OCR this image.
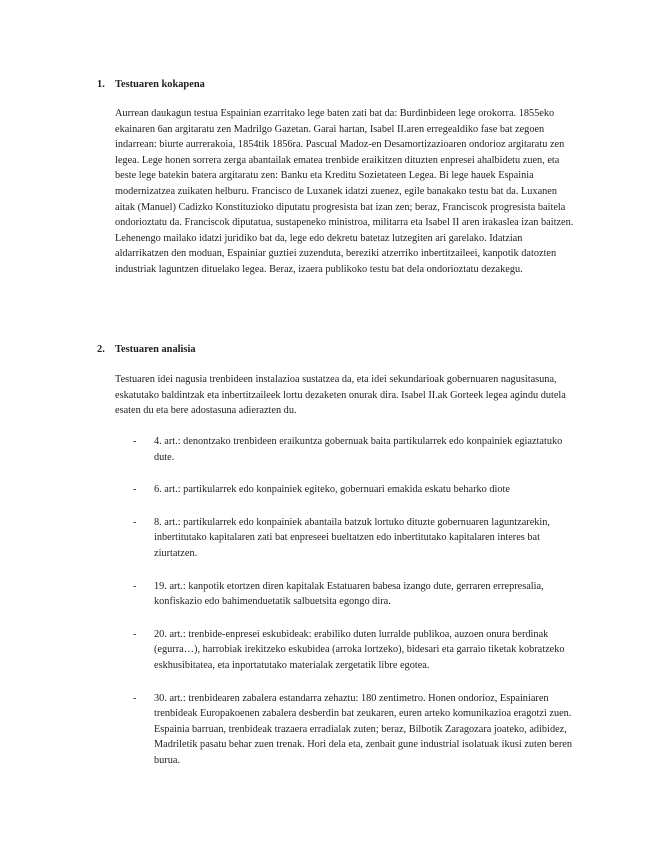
1. Testuaren kokapena

Aurrean daukagun testua Espainian ezarritako lege baten zati bat da: Burdinbideen lege orokorra. 1855eko ekainaren 6an argitaratu zen Madrilgo Gazetan. Garai hartan, Isabel II.aren erregealdiko fase bat zegoen indarrean: biurte aurrerakoia, 1854tik 1856ra. Pascual Madoz-en Desamortizazioaren ondorioz argitaratu zen legea. Lege honen sorrera zerga abantailak ematea trenbide eraikitzen dituzten enpresei ahalbidetu zuen, eta beste lege batekin batera argitaratu zen: Banku eta Kreditu Sozietateen Legea. Bi lege hauek Espainia modernizatzea zuikaten helburu. Francisco de Luxanek idatzi zuenez, egile banakako testu bat da. Luxanen aitak (Manuel) Cadizko Konstituzioko diputatu progresista bat izan zen; beraz, Franciscok progresista baitela ondorioztatu da. Franciscok diputatua, sustapeneko ministroa, militarra eta Isabel II aren irakaslea izan baitzen. Lehenengo mailako idatzi juridiko bat da, lege edo dekretu batetaz lutzegiten ari garelako. Idatzian aldarrikatzen den moduan, Espainiar guztiei zuzenduta, bereziki atzerriko inbertitzaileei, kanpotik datozten industriak laguntzen dituelako legea. Beraz, izaera publikoko testu bat dela ondorioztatu dezakegu.

2. Testuaren analisia

Testuaren idei nagusia trenbideen instalazioa sustatzea da, eta idei sekundarioak gobernuaren nagusitasuna, eskatutako baldintzak eta inbertitzaileek lortu dezaketen onurak dira. Isabel II.ak Gorteek legea agindu dutela esaten du eta bere adostasuna adierazten du.

- 4. art.: denontzako trenbideen eraikuntza gobernuak baita partikularrek edo konpainiek egiaztatuko dute.
- 6. art.: partikularrek edo konpainiek egiteko, gobernuari emakida eskatu beharko diote
- 8. art.: partikularrek edo konpainiek abantaila batzuk lortuko dituzte gobernuaren laguntzarekin, inbertitutako kapitalaren zati bat enpreseei bueltatzen edo inbertitutako kapitalaren interes bat ziurtatzen.
- 19. art.: kanpotik etortzen diren kapitalak Estatuaren babesa izango dute, gerraren errepresalia, konfiskazio edo bahimenduetatik salbuetsita egongo dira.
- 20. art.: trenbide-enpresei eskubideak: erabiliko duten lurralde publikoa, auzoen onura berdinak (egurra…), harrobiak irekitzeko eskubidea (arroka lortzeko), bidesari eta garraio tiketak kobratzeko eskhusibitatea, eta inportatutako materialak zergetatik libre egotea.
- 30. art.: trenbidearen zabalera estandarra zehaztu: 180 zentimetro. Honen ondorioz, Espainiaren trenbideak Europakoenen zabalera desberdin bat zeukaren, euren arteko komunikazioa eragotzi zuen. Espainia barruan, trenbideak trazaera erradialak zuten; beraz, Bilbotik Zaragozara joateko, adibidez, Madriletik pasatu behar zuen trenak. Hori dela eta, zenbait gune industrial isolatuak ikusi zuten beren burua.
